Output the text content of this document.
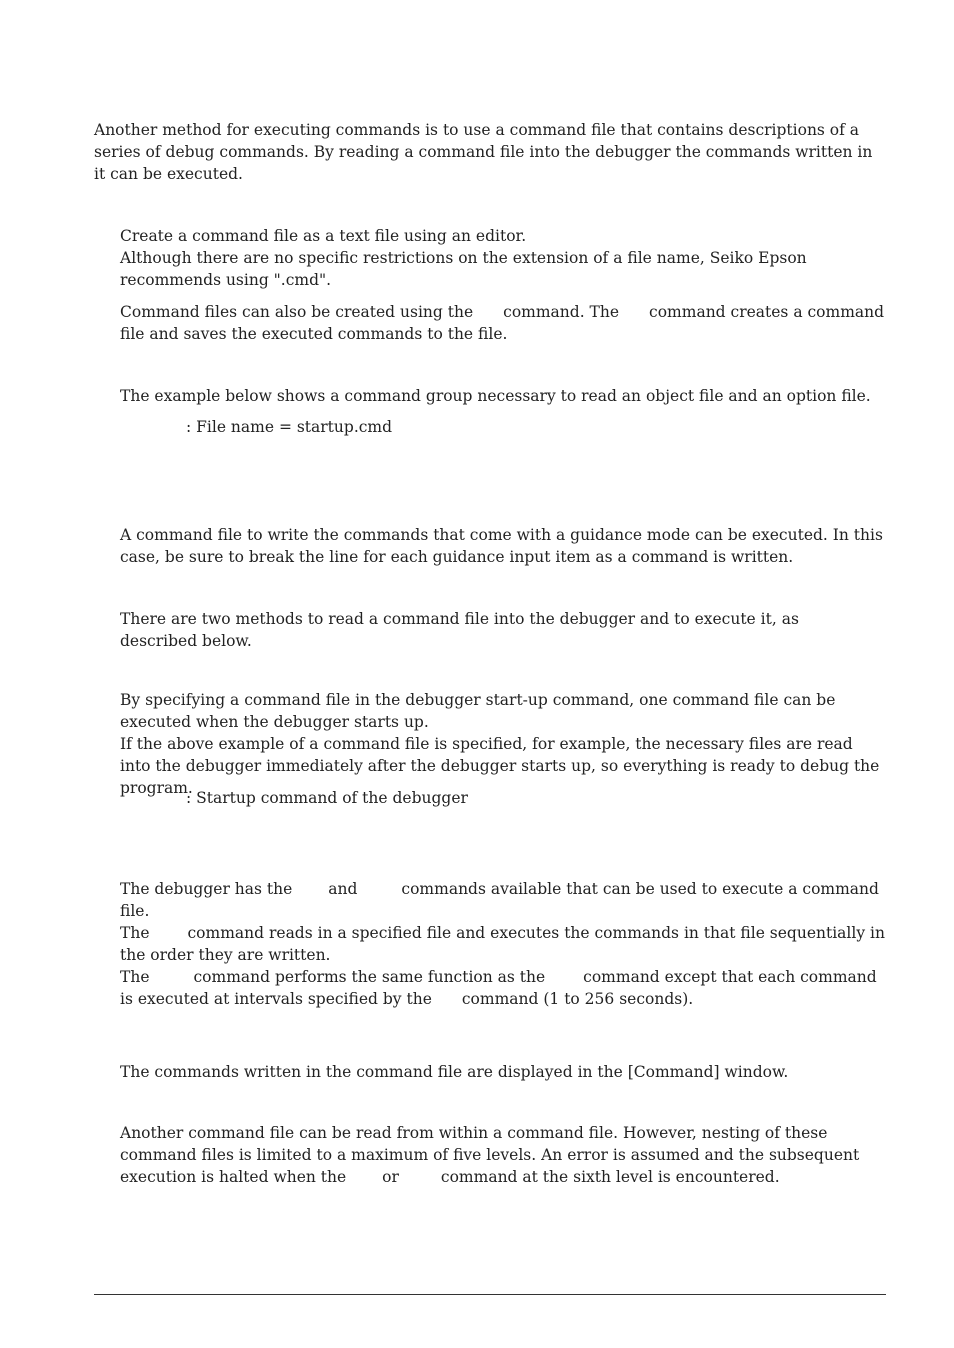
Another method for executing commands is to use a command file that contains descriptions of a series of debug commands. By reading a command file into the debugger the commands written in it can be executed.

Create a command file as a text file using an editor.
Although there are no specific restrictions on the extension of a file name, Seiko Epson recommends using ".cmd".

Command files can also be created using the command. The command creates a command file and saves the executed commands to the file.

The example below shows a command group necessary to read an object file and an option file.

: File name = startup.cmd

A command file to write the commands that come with a guidance mode can be executed. In this case, be sure to break the line for each guidance input item as a command is written.

There are two methods to read a command file into the debugger and to execute it, as described below.

By specifying a command file in the debugger start-up command, one command file can be executed when the debugger starts up.
If the above example of a command file is specified, for example, the necessary files are read into the debugger immediately after the debugger starts up, so everything is ready to debug the program.

: Startup command of the debugger

The debugger has the and	commands available that can be used to execute a command file.
The command reads in a specified file and executes the commands in that file sequentially in the order they are written.
The	command performs the same function as the command except that each command is executed at intervals specified by the command (1 to 256 seconds).

The commands written in the command file are displayed in the [Command] window.

Another command file can be read from within a command file. However, nesting of these command files is limited to a maximum of five levels. An error is assumed and the subsequent execution is halted when the or	command at the sixth level is encountered.
